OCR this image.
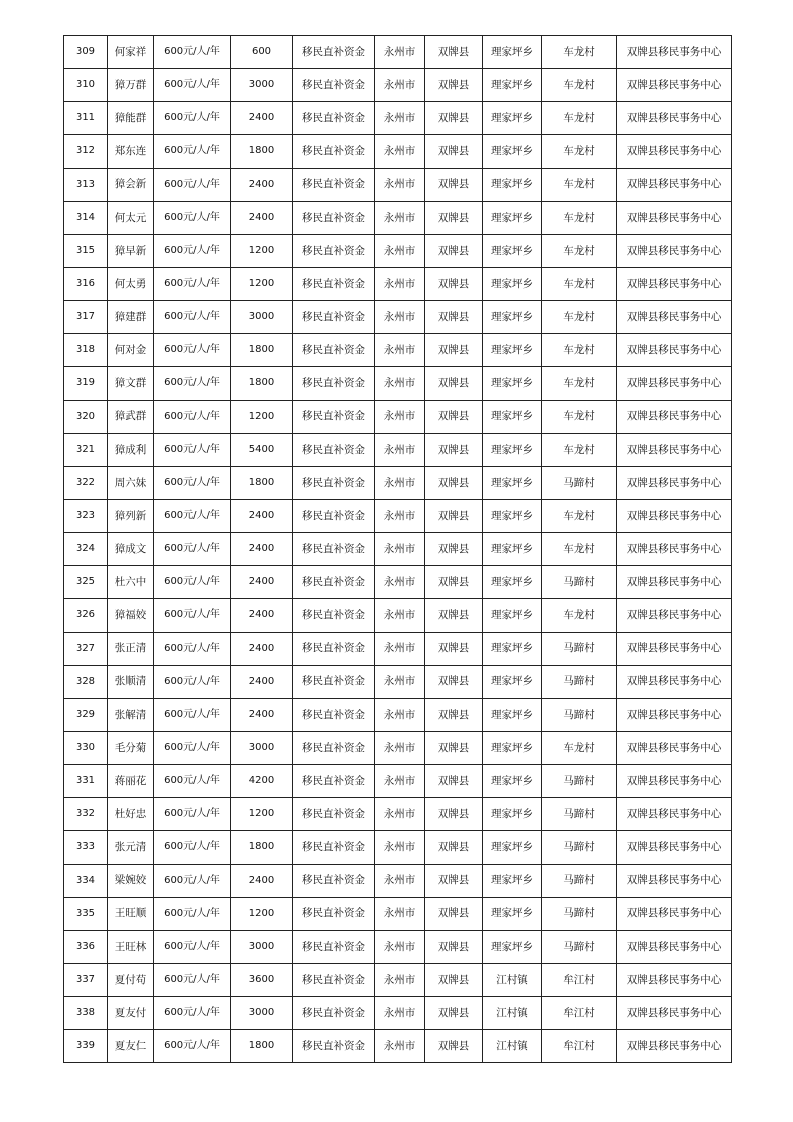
309	何家祥	600元/人/年	600	移民直补资金	永州市	双牌县	理家坪乡	车龙村	双牌县移民事务中心
310	獐万群	600元/人/年	3000	移民直补资金	永州市	双牌县	理家坪乡	车龙村	双牌县移民事务中心
311	獐能群	600元/人/年	2400	移民直补资金	永州市	双牌县	理家坪乡	车龙村	双牌县移民事务中心
312	郑东连	600元/人/年	1800	移民直补资金	永州市	双牌县	理家坪乡	车龙村	双牌县移民事务中心
313	獐会新	600元/人/年	2400	移民直补资金	永州市	双牌县	理家坪乡	车龙村	双牌县移民事务中心
314	何太元	600元/人/年	2400	移民直补资金	永州市	双牌县	理家坪乡	车龙村	双牌县移民事务中心
315	獐早新	600元/人/年	1200	移民直补资金	永州市	双牌县	理家坪乡	车龙村	双牌县移民事务中心
316	何太勇	600元/人/年	1200	移民直补资金	永州市	双牌县	理家坪乡	车龙村	双牌县移民事务中心
317	獐建群	600元/人/年	3000	移民直补资金	永州市	双牌县	理家坪乡	车龙村	双牌县移民事务中心
318	何对金	600元/人/年	1800	移民直补资金	永州市	双牌县	理家坪乡	车龙村	双牌县移民事务中心
319	獐文群	600元/人/年	1800	移民直补资金	永州市	双牌县	理家坪乡	车龙村	双牌县移民事务中心
320	獐武群	600元/人/年	1200	移民直补资金	永州市	双牌县	理家坪乡	车龙村	双牌县移民事务中心
321	獐成利	600元/人/年	5400	移民直补资金	永州市	双牌县	理家坪乡	车龙村	双牌县移民事务中心
322	周六妹	600元/人/年	1800	移民直补资金	永州市	双牌县	理家坪乡	马蹄村	双牌县移民事务中心
323	獐列新	600元/人/年	2400	移民直补资金	永州市	双牌县	理家坪乡	车龙村	双牌县移民事务中心
324	獐成文	600元/人/年	2400	移民直补资金	永州市	双牌县	理家坪乡	车龙村	双牌县移民事务中心
325	杜六中	600元/人/年	2400	移民直补资金	永州市	双牌县	理家坪乡	马蹄村	双牌县移民事务中心
326	獐福姣	600元/人/年	2400	移民直补资金	永州市	双牌县	理家坪乡	车龙村	双牌县移民事务中心
327	张正清	600元/人/年	2400	移民直补资金	永州市	双牌县	理家坪乡	马蹄村	双牌县移民事务中心
328	张顺清	600元/人/年	2400	移民直补资金	永州市	双牌县	理家坪乡	马蹄村	双牌县移民事务中心
329	张解清	600元/人/年	2400	移民直补资金	永州市	双牌县	理家坪乡	马蹄村	双牌县移民事务中心
330	毛分菊	600元/人/年	3000	移民直补资金	永州市	双牌县	理家坪乡	车龙村	双牌县移民事务中心
331	蒋丽花	600元/人/年	4200	移民直补资金	永州市	双牌县	理家坪乡	马蹄村	双牌县移民事务中心
332	杜好忠	600元/人/年	1200	移民直补资金	永州市	双牌县	理家坪乡	马蹄村	双牌县移民事务中心
333	张元清	600元/人/年	1800	移民直补资金	永州市	双牌县	理家坪乡	马蹄村	双牌县移民事务中心
334	梁婉姣	600元/人/年	2400	移民直补资金	永州市	双牌县	理家坪乡	马蹄村	双牌县移民事务中心
335	王旺顺	600元/人/年	1200	移民直补资金	永州市	双牌县	理家坪乡	马蹄村	双牌县移民事务中心
336	王旺林	600元/人/年	3000	移民直补资金	永州市	双牌县	理家坪乡	马蹄村	双牌县移民事务中心
337	夏付苟	600元/人/年	3600	移民直补资金	永州市	双牌县	江村镇	牟江村	双牌县移民事务中心
338	夏友付	600元/人/年	3000	移民直补资金	永州市	双牌县	江村镇	牟江村	双牌县移民事务中心
339	夏友仁	600元/人/年	1800	移民直补资金	永州市	双牌县	江村镇	牟江村	双牌县移民事务中心
